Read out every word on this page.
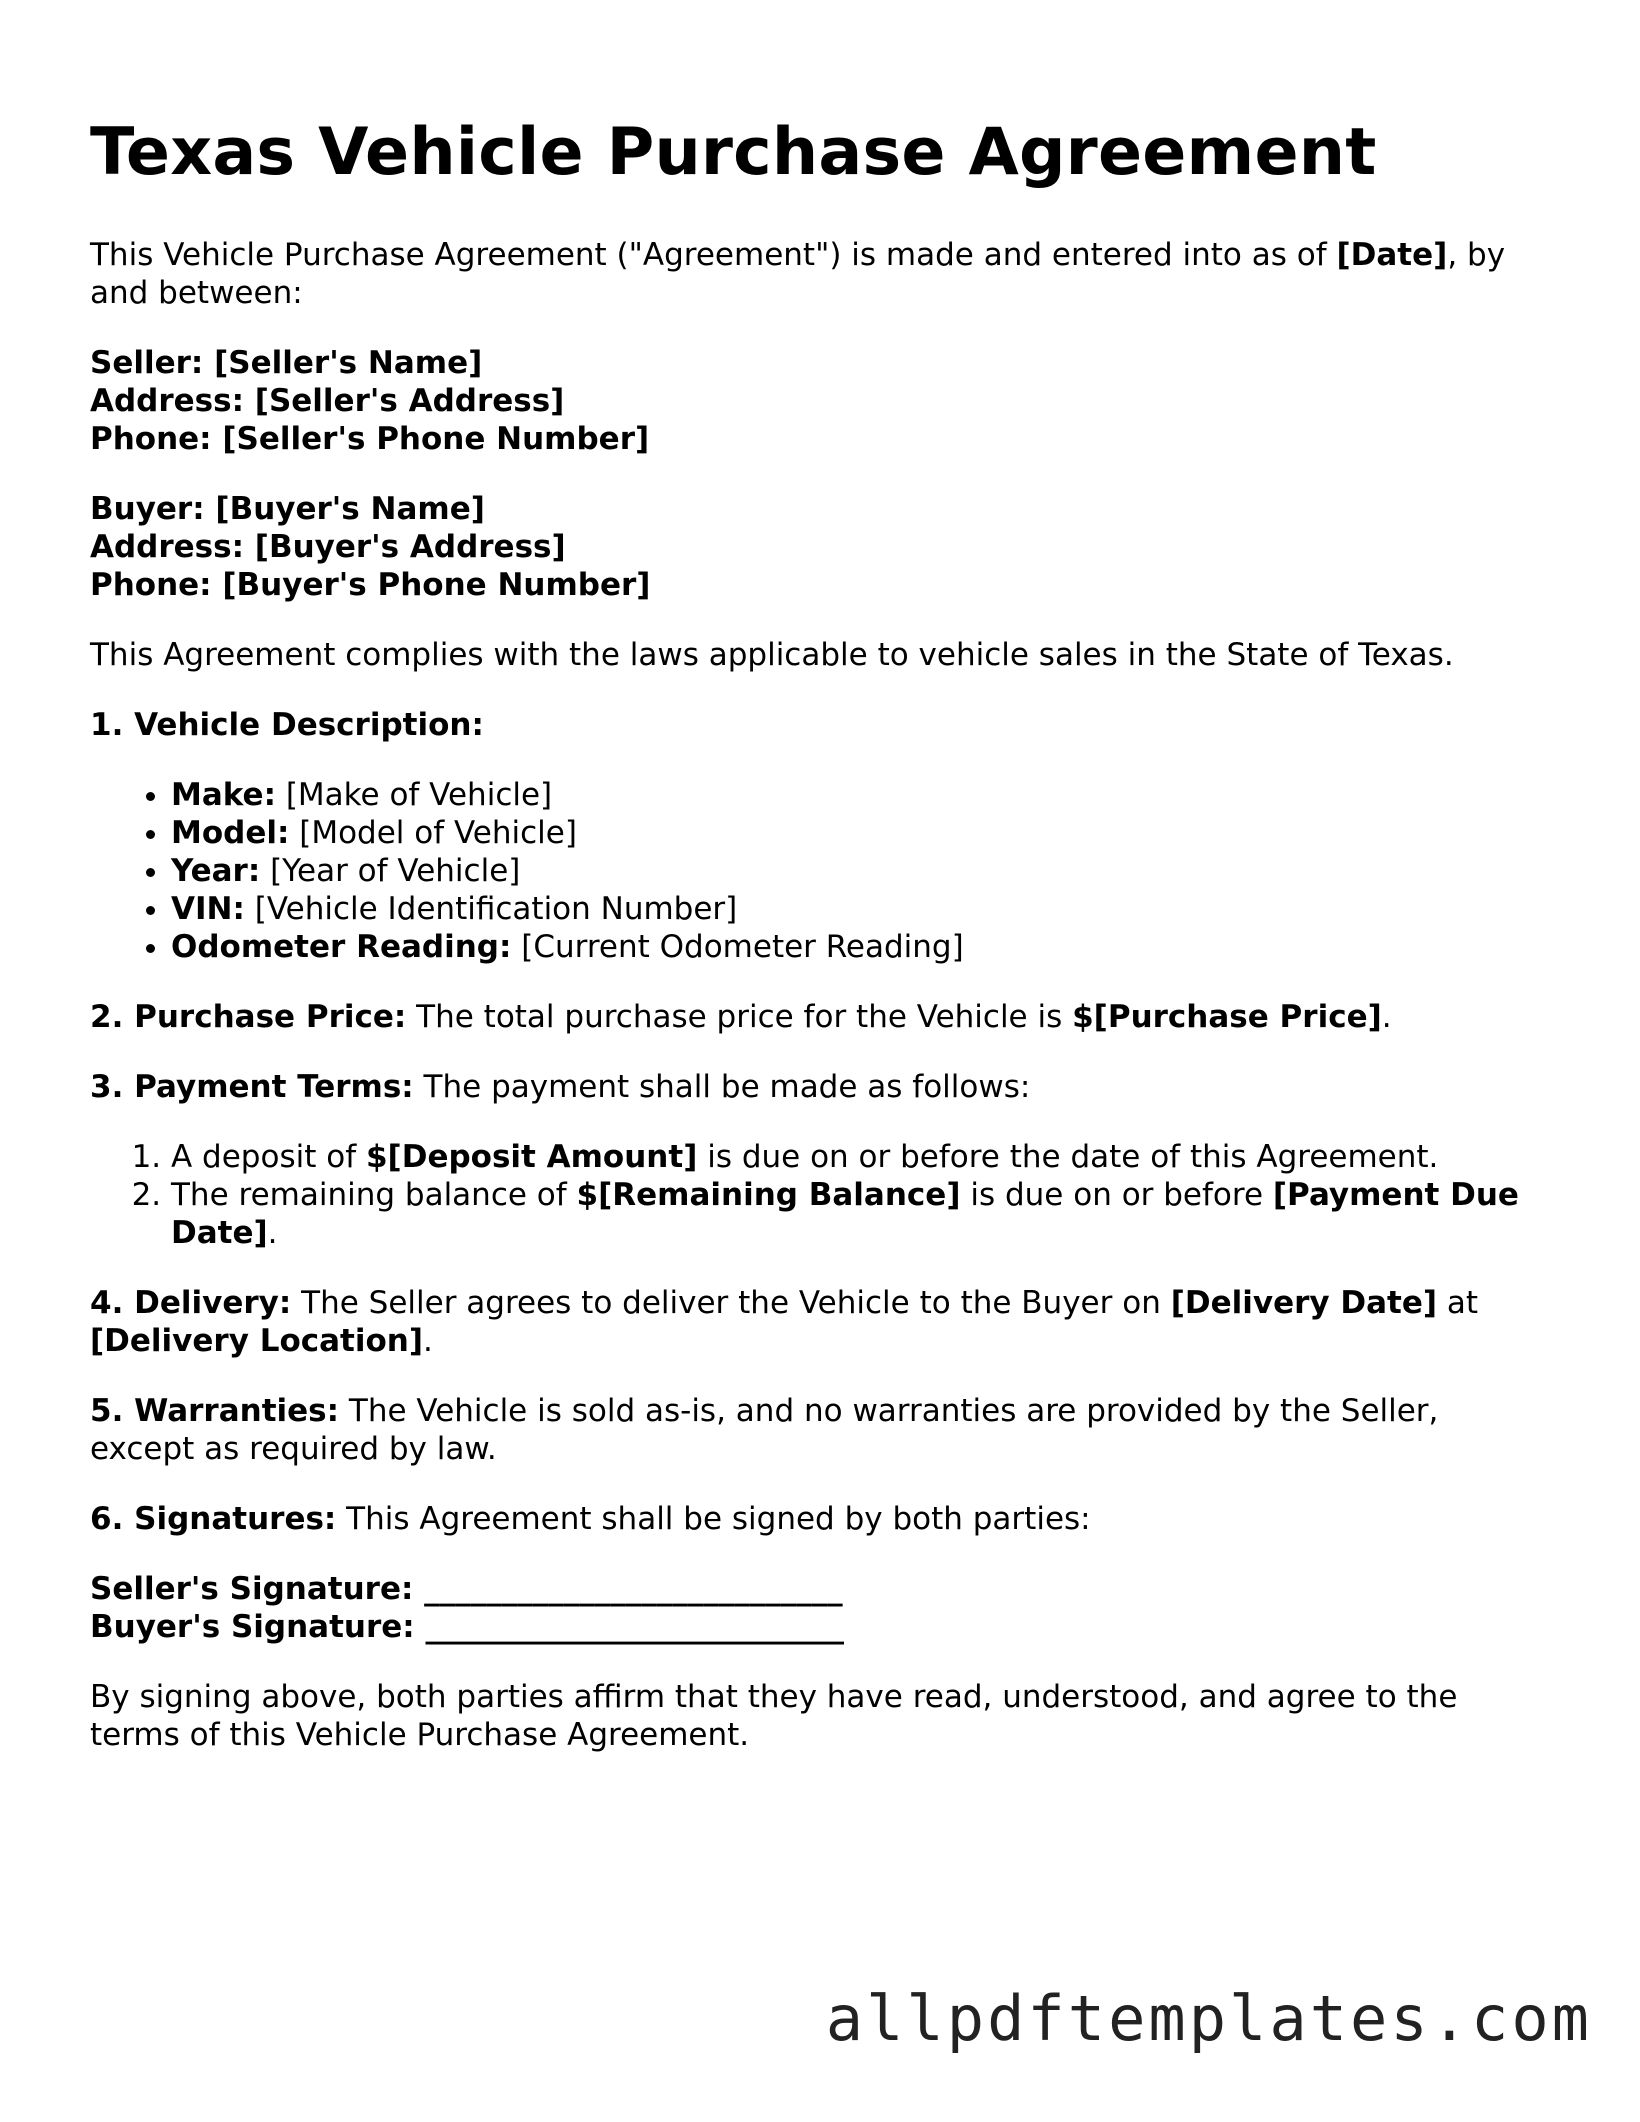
Texas Vehicle Purchase Agreement

This Vehicle Purchase Agreement ("Agreement") is made and entered into as of [Date], by and between:

Seller: [Seller's Name]
Address: [Seller's Address]
Phone: [Seller's Phone Number]
Buyer: [Buyer's Name]
Address: [Buyer's Address]
Phone: [Buyer's Phone Number]

This Agreement complies with the laws applicable to vehicle sales in the State of Texas.

1. Vehicle Description:

• Make: [Make of Vehicle]
• Model: [Model of Vehicle]
• Year: [Year of Vehicle]
• VIN: [Vehicle Identification Number]
• Odometer Reading: [Current Odometer Reading]

2. Purchase Price: The total purchase price for the Vehicle is $[Purchase Price].

3. Payment Terms: The payment shall be made as follows:

1. A deposit of $[Deposit Amount] is due on or before the date of this Agreement.
2. The remaining balance of $[Remaining Balance] is due on or before [Payment Due Date].

4. Delivery: The Seller agrees to deliver the Vehicle to the Buyer on [Delivery Date] at [Delivery Location].

5. Warranties: The Vehicle is sold as-is, and no warranties are provided by the Seller, except as required by law.

6. Signatures: This Agreement shall be signed by both parties:

Seller's Signature: ___________________________
Buyer's Signature: ___________________________

By signing above, both parties affirm that they have read, understood, and agree to the terms of this Vehicle Purchase Agreement.

allpdftemplates.com
